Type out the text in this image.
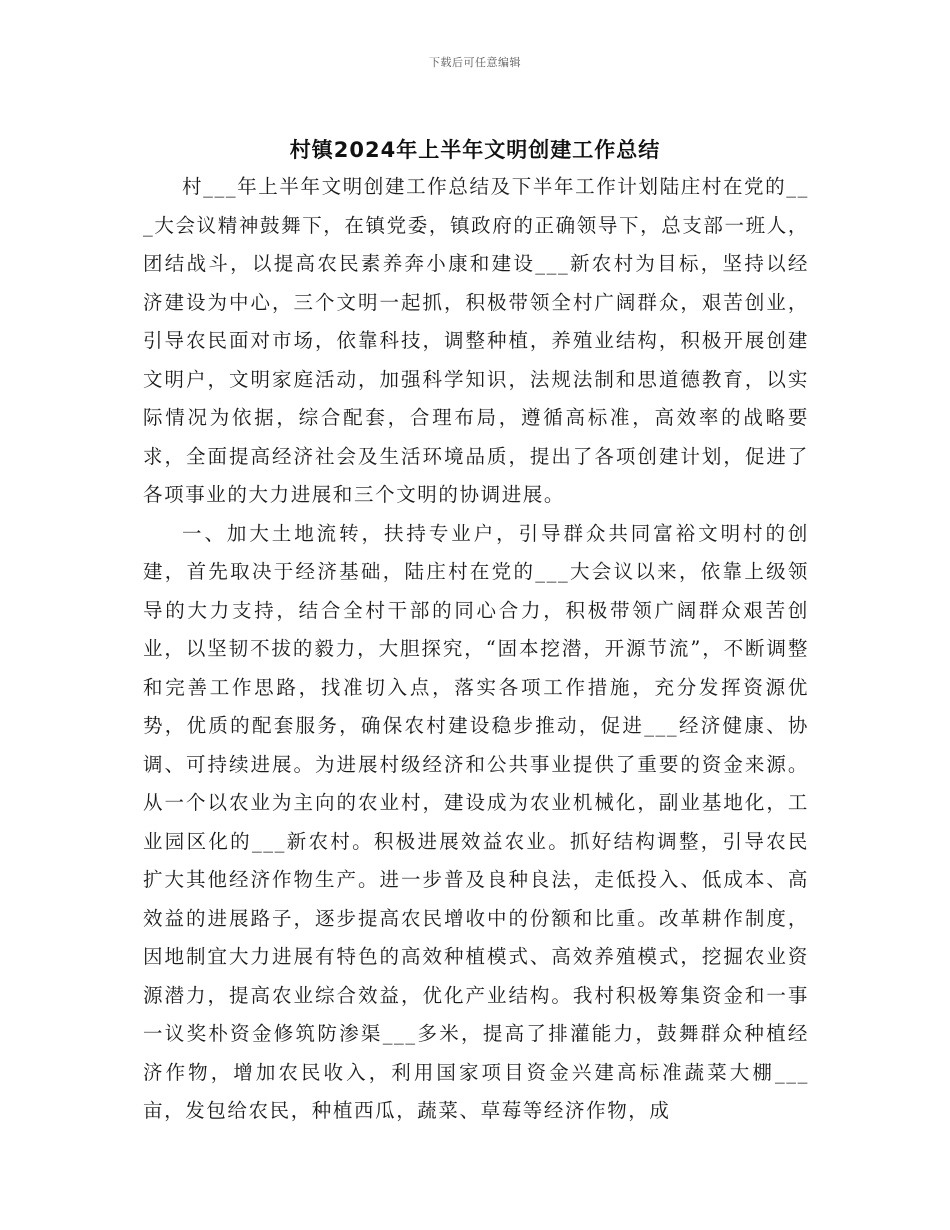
下载后可任意编辑
村镇2024年上半年文明创建工作总结

村___年上半年文明创建工作总结及下半年工作计划陆庄村在党的___大会议精神鼓舞下，在镇党委，镇政府的正确领导下，总支部一班人，团结战斗，以提高农民素养奔小康和建设___新农村为目标，坚持以经济建设为中心，三个文明一起抓，积极带领全村广阔群众，艰苦创业，引导农民面对市场，依靠科技，调整种植，养殖业结构，积极开展创建文明户，文明家庭活动，加强科学知识，法规法制和思道德教育，以实际情况为依据，综合配套，合理布局，遵循高标准，高效率的战略要求，全面提高经济社会及生活环境品质，提出了各项创建计划，促进了各项事业的大力进展和三个文明的协调进展。

一、加大土地流转，扶持专业户，引导群众共同富裕文明村的创建，首先取决于经济基础，陆庄村在党的___大会议以来，依靠上级领导的大力支持，结合全村干部的同心合力，积极带领广阔群众艰苦创业，以坚韧不拔的毅力，大胆探究，“固本挖潜，开源节流”，不断调整和完善工作思路，找准切入点，落实各项工作措施，充分发挥资源优势，优质的配套服务，确保农村建设稳步推动，促进___经济健康、协调、可持续进展。为进展村级经济和公共事业提供了重要的资金来源。从一个以农业为主向的农业村，建设成为农业机械化，副业基地化，工业园区化的___新农村。积极进展效益农业。抓好结构调整，引导农民扩大其他经济作物生产。进一步普及良种良法，走低投入、低成本、高效益的进展路子，逐步提高农民增收中的份额和比重。改革耕作制度，因地制宜大力进展有特色的高效种植模式、高效养殖模式，挖掘农业资源潜力，提高农业综合效益，优化产业结构。我村积极筹集资金和一事一议奖朴资金修筑防渗渠___多米，提高了排灌能力，鼓舞群众种植经济作物，增加农民收入，利用国家项目资金兴建高标准蔬菜大棚___亩，发包给农民，种植西瓜，蔬菜、草莓等经济作物，成
